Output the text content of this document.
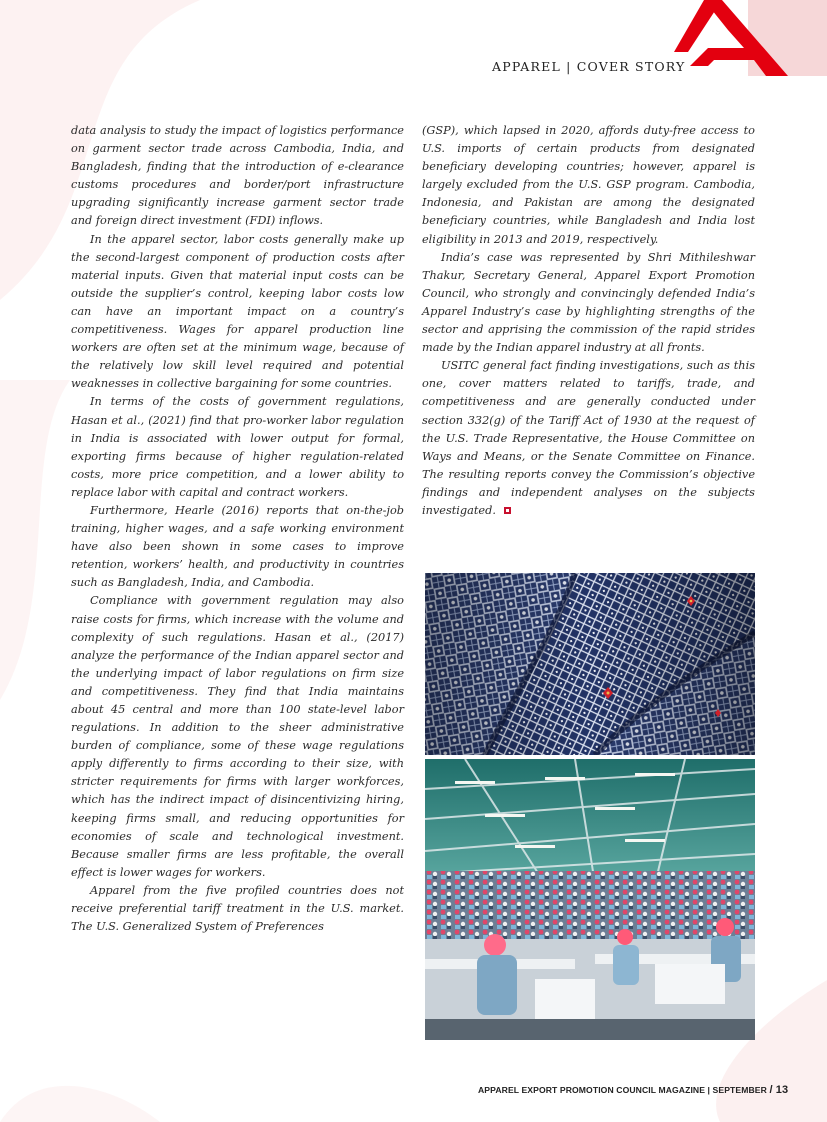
APPAREL | COVER STORY

data analysis to study the impact of logistics performance on garment sector trade across Cambodia, India, and Bangladesh, finding that the introduction of e-clearance customs procedures and border/port infrastructure upgrading significantly increase garment sector trade and foreign direct investment (FDI) inflows.

In the apparel sector, labor costs generally make up the second-largest component of production costs after material inputs. Given that material input costs can be outside the supplier’s control, keeping labor costs low can have an important impact on a country’s competitiveness. Wages for apparel production line workers are often set at the minimum wage, because of the relatively low skill level required and potential weaknesses in collective bargaining for some countries.

In terms of the costs of government regulations, Hasan et al., (2021) find that pro-worker labor regulation in India is associated with lower output for formal, exporting firms because of higher regulation-related costs, more price competition, and a lower ability to replace labor with capital and contract workers.

Furthermore, Hearle (2016) reports that on-the-job training, higher wages, and a safe working environment have also been shown in some cases to improve retention, workers’ health, and productivity in countries such as Bangladesh, India, and Cambodia.

Compliance with government regulation may also raise costs for firms, which increase with the volume and complexity of such regulations. Hasan et al., (2017) analyze the performance of the Indian apparel sector and the underlying impact of labor regulations on firm size and competitiveness. They find that India maintains about 45 central and more than 100 state-level labor regulations. In addition to the sheer administrative burden of compliance, some of these wage regulations apply differently to firms according to their size, with stricter requirements for firms with larger workforces, which has the indirect impact of disincentivizing hiring, keeping firms small, and reducing opportunities for economies of scale and technological investment. Because smaller firms are less profitable, the overall effect is lower wages for workers.

Apparel from the five profiled countries does not receive preferential tariff treatment in the U.S. market. The U.S. Generalized System of Preferences

(GSP), which lapsed in 2020, affords duty-free access to U.S. imports of certain products from designated beneficiary developing countries; however, apparel is largely excluded from the U.S. GSP program. Cambodia, Indonesia, and Pakistan are among the designated beneficiary countries, while Bangladesh and India lost eligibility in 2013 and 2019, respectively.

India’s case was represented by Shri Mithileshwar Thakur, Secretary General, Apparel Export Promotion Council, who strongly and convincingly defended India’s Apparel Industry’s case by highlighting strengths of the sector and apprising the commission of the rapid strides made by the Indian apparel industry at all fronts.

USITC general fact finding investigations, such as this one, cover matters related to tariffs, trade, and competitiveness and are generally conducted under section 332(g) of the Tariff Act of 1930 at the request of the U.S. Trade Representative, the House Committee on Ways and Means, or the Senate Committee on Finance. The resulting reports convey the Commission’s objective findings and independent analyses on the subjects investigated.

APPAREL EXPORT PROMOTION COUNCIL MAGAZINE | SEPTEMBER / 13
